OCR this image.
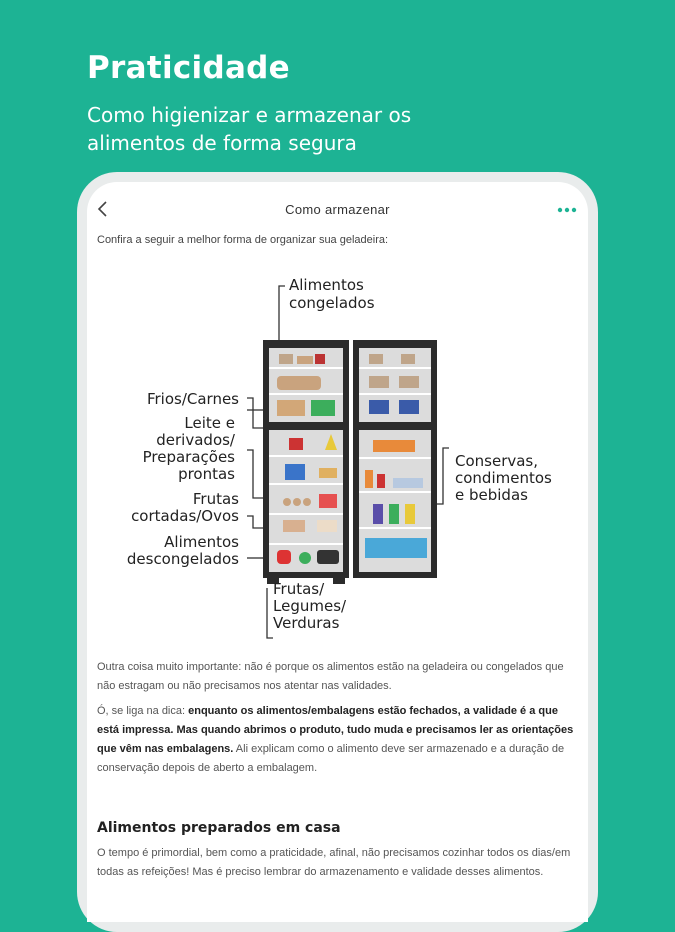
Praticidade

Como higienizar e armazenar os alimentos de forma segura

Como armazenar

Confira a seguir a melhor forma de organizar sua geladeira:

Alimentos
congelados
Frios/Carnes
Leite e
derivados/
Preparações
prontas
Frutas
cortadas/Ovos
Alimentos
descongelados
Conservas,
condimentos
e bebidas
Frutas/
Legumes/
Verduras

Outra coisa muito importante: não é porque os alimentos estão na geladeira ou congelados que não estragam ou não precisamos nos atentar nas validades.

Ó, se liga na dica: enquanto os alimentos/embalagens estão fechados, a validade é a que está impressa. Mas quando abrimos o produto, tudo muda e precisamos ler as orientações que vêm nas embalagens. Ali explicam como o alimento deve ser armazenado e a duração de conservação depois de aberto a embalagem.

Alimentos preparados em casa

O tempo é primordial, bem como a praticidade, afinal, não precisamos cozinhar todos os dias/em todas as refeições! Mas é preciso lembrar do armazenamento e validade desses alimentos.
